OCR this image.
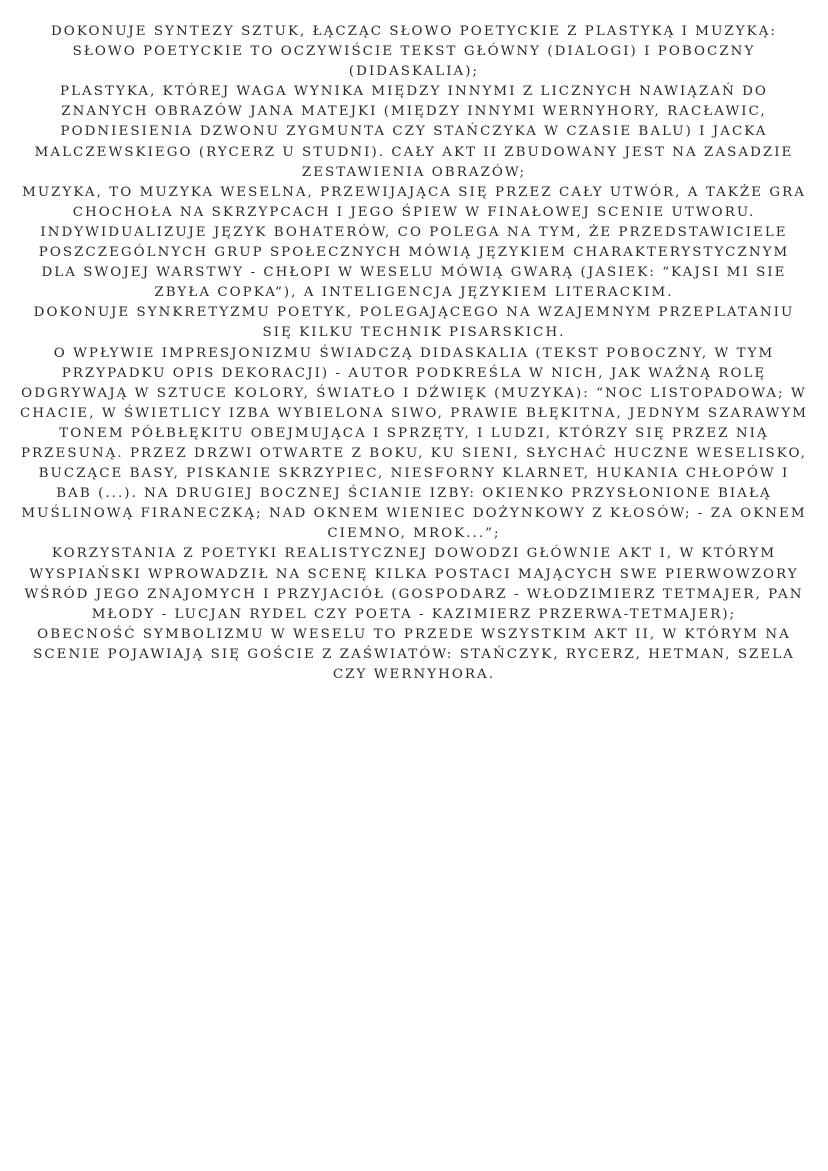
DOKONUJE SYNTEZY SZTUK, ŁĄCZĄC SŁOWO POETYCKIE Z PLASTYKĄ I MUZYKĄ:

SŁOWO POETYCKIE TO OCZYWIŚCIE TEKST GŁÓWNY (DIALOGI) I POBOCZNY (DIDASKALIA);

PLASTYKA, KTÓREJ WAGA WYNIKA MIĘDZY INNYMI Z LICZNYCH NAWIĄZAŃ DO ZNANYCH OBRAZÓW JANA MATEJKI (MIĘDZY INNYMI WERNYHORY, RACŁAWIC, PODNIESIENIA DZWONU ZYGMUNTA CZY STAŃCZYKA W CZASIE BALU) I JACKA MALCZEWSKIEGO (RYCERZ U STUDNI). CAŁY AKT II ZBUDOWANY JEST NA ZASADZIE ZESTAWIENIA OBRAZÓW;

MUZYKA, TO MUZYKA WESELNA, PRZEWIJAJĄCA SIĘ PRZEZ CAŁY UTWÓR, A TAKŻE GRA CHOCHOŁA NA SKRZYPCACH I JEGO ŚPIEW W FINAŁOWEJ SCENIE UTWORU.

INDYWIDUALIZUJE JĘZYK BOHATERÓW, CO POLEGA NA TYM, ŻE PRZEDSTAWICIELE POSZCZEGÓLNYCH GRUP SPOŁECZNYCH MÓWIĄ JĘZYKIEM CHARAKTERYSTYCZNYM DLA SWOJEJ WARSTWY - CHŁOPI W WESELU MÓWIĄ GWARĄ (JASIEK: “KAJSI MI SIE ZBYŁA COPKA”), A INTELIGENCJA JĘZYKIEM LITERACKIM.

DOKONUJE SYNKRETYZMU POETYK, POLEGAJĄCEGO NA WZAJEMNYM PRZEPLATANIU SIĘ KILKU TECHNIK PISARSKICH.

O WPŁYWIE IMPRESJONIZMU ŚWIADCZĄ DIDASKALIA (TEKST POBOCZNY, W TYM PRZYPADKU OPIS DEKORACJI) - AUTOR PODKREŚLA W NICH, JAK WAŻNĄ ROLĘ ODGRYWAJĄ W SZTUCE KOLORY, ŚWIATŁO I DŹWIĘK (MUZYKA): “NOC LISTOPADOWA; W CHACIE, W ŚWIETLICY IZBA WYBIELONA SIWO, PRAWIE BŁĘKITNA, JEDNYM SZARAWYM TONEM PÓŁBŁĘKITU OBEJMUJĄCA I SPRZĘTY, I LUDZI, KTÓRZY SIĘ PRZEZ NIĄ PRZESUNĄ. PRZEZ DRZWI OTWARTE Z BOKU, KU SIENI, SŁYCHAĆ HUCZNE WESELISKO, BUCZĄCE BASY, PISKANIE SKRZYPIEC, NIESFORNY KLARNET, HUKANIA CHŁOPÓW I BAB (...). NA DRUGIEJ BOCZNEJ ŚCIANIE IZBY: OKIENKO PRZYSŁONIONE BIAŁĄ MUŚLINOWĄ FIRANECZKĄ; NAD OKNEM WIENIEC DOŻYNKOWY Z KŁOSÓW; - ZA OKNEM CIEMNO, MROK...”;

KORZYSTANIA Z POETYKI REALISTYCZNEJ DOWODZI GŁÓWNIE AKT I, W KTÓRYM WYSPIAŃSKI WPROWADZIŁ NA SCENĘ KILKA POSTACI MAJĄCYCH SWE PIERWOWZORY WŚRÓD JEGO ZNAJOMYCH I PRZYJACIÓŁ (GOSPODARZ - WŁODZIMIERZ TETMAJER, PAN MŁODY - LUCJAN RYDEL CZY POETA - KAZIMIERZ PRZERWA-TETMAJER);

OBECNOŚĆ SYMBOLIZMU W WESELU TO PRZEDE WSZYSTKIM AKT II, W KTÓRYM NA SCENIE POJAWIAJĄ SIĘ GOŚCIE Z ZAŚWIATÓW: STAŃCZYK, RYCERZ, HETMAN, SZELA CZY WERNYHORA.
